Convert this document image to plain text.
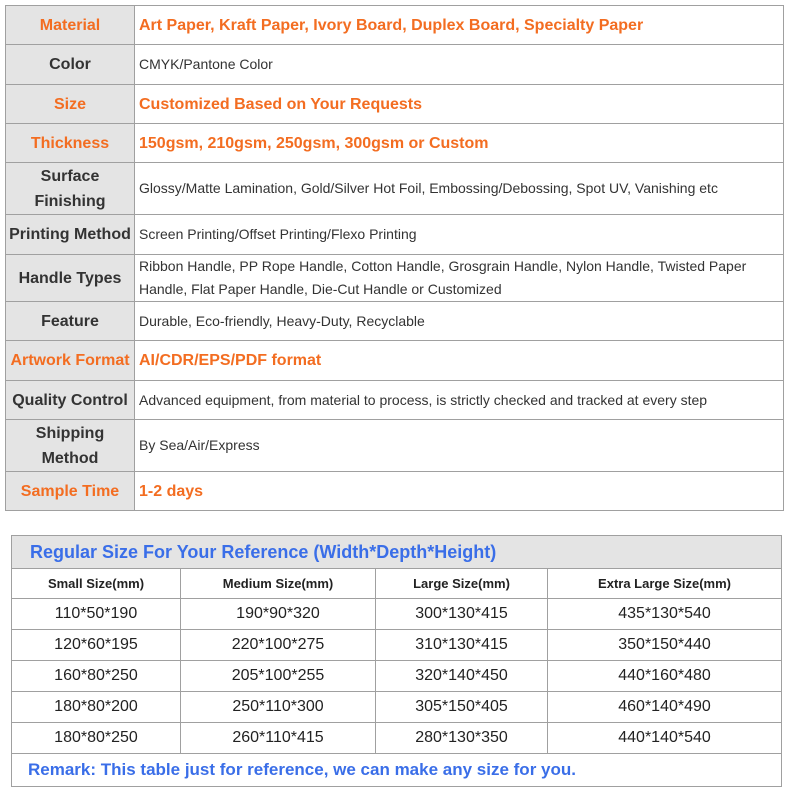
Material	Art Paper, Kraft Paper, Ivory Board, Duplex Board, Specialty Paper
Color	CMYK/Pantone Color
Size	Customized Based on Your Requests
Thickness	150gsm, 210gsm, 250gsm, 300gsm or Custom
Surface Finishing	Glossy/Matte Lamination, Gold/Silver Hot Foil, Embossing/Debossing, Spot UV, Vanishing etc
Printing Method	Screen Printing/Offset Printing/Flexo Printing
Handle Types	Ribbon Handle, PP Rope Handle, Cotton Handle, Grosgrain Handle, Nylon Handle, Twisted Paper Handle, Flat Paper Handle, Die-Cut Handle or Customized
Feature	Durable, Eco-friendly, Heavy-Duty, Recyclable
Artwork Format	AI/CDR/EPS/PDF format
Quality Control	Advanced equipment, from material to process, is strictly checked and tracked at every step
Shipping Method	By Sea/Air/Express
Sample Time	1-2 days
Regular Size For Your Reference (Width*Depth*Height)			
Small Size(mm)	Medium Size(mm)	Large Size(mm)	Extra Large Size(mm)
110*50*190	190*90*320	300*130*415	435*130*540
120*60*195	220*100*275	310*130*415	350*150*440
160*80*250	205*100*255	320*140*450	440*160*480
180*80*200	250*110*300	305*150*405	460*140*490
180*80*250	260*110*415	280*130*350	440*140*540
Remark: This table just for reference, we can make any size for you.			
